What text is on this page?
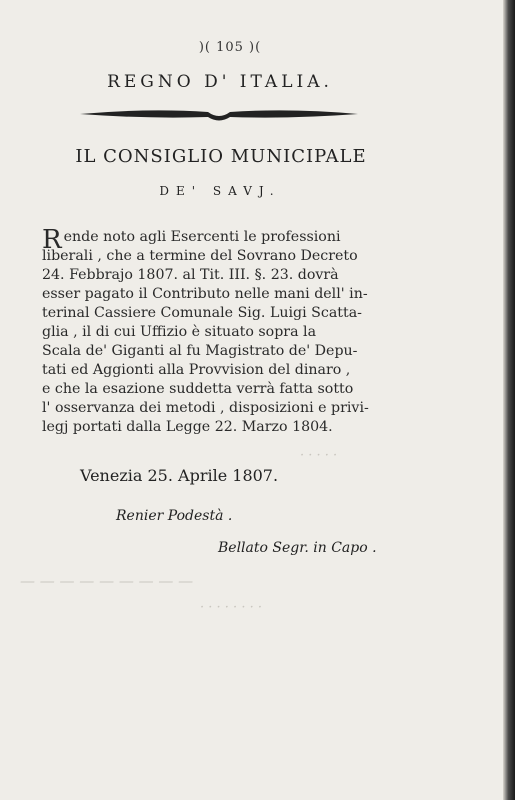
· · · · ·
— — — — — — — — —
· · · · · · · ·
)( 105 )(
REGNO D' ITALIA.
IL CONSIGLIO MUNICIPALE
DE' SAVJ.
R ende noto agli Esercenti le professioni

liberali , che a termine del Sovrano Decreto

24. Febbrajo 1807. al Tit. III. §. 23. dovrà

esser pagato il Contributo nelle mani dell' in-

terinal Cassiere Comunale Sig. Luigi Scatta-

glia , il di cui Uffizio è situato sopra la

Scala de' Giganti al fu Magistrato de' Depu-

tati ed Aggionti alla Provvision del dinaro ,

e che la esazione suddetta verrà fatta sotto

l' osservanza dei metodi , disposizioni e privi-

legj portati dalla Legge 22. Marzo 1804.

Venezia 25. Aprile 1807.
Renier Podestà .
Bellato Segr. in Capo .
